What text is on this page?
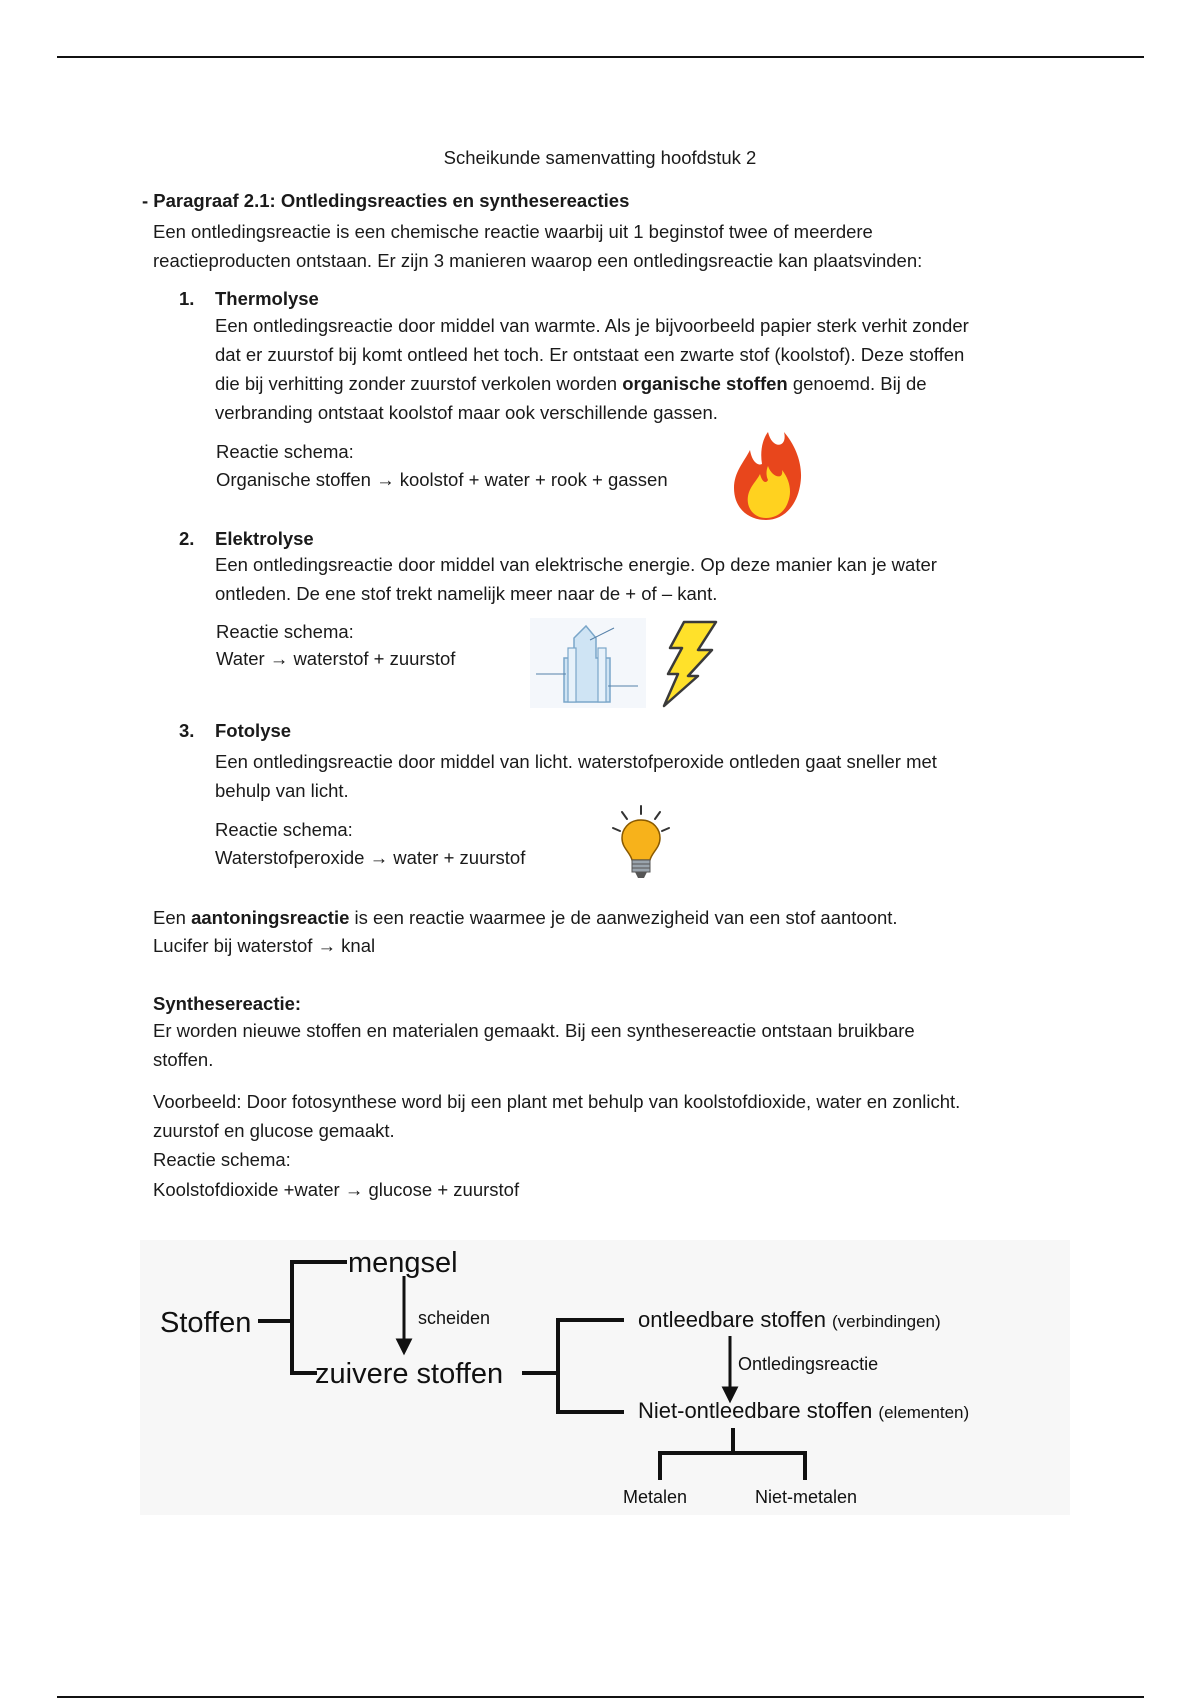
Scheikunde samenvatting hoofdstuk 2
- Paragraaf 2.1: Ontledingsreacties en synthesereacties
Een ontledingsreactie is een chemische reactie waarbij uit 1 beginstof twee of meerdere
reactieproducten ontstaan. Er zijn 3 manieren waarop een ontledingsreactie kan plaatsvinden:
1. Thermolyse
Een ontledingsreactie door middel van warmte. Als je bijvoorbeeld papier sterk verhit zonder
dat er zuurstof bij komt ontleed het toch. Er ontstaat een zwarte stof (koolstof). Deze stoffen
die bij verhitting zonder zuurstof verkolen worden organische stoffen genoemd. Bij de
verbranding ontstaat koolstof maar ook verschillende gassen.
Reactie schema:
Organische stoffen → koolstof + water + rook + gassen
2. Elektrolyse
Een ontledingsreactie door middel van elektrische energie. Op deze manier kan je water
ontleden. De ene stof trekt namelijk meer naar de + of – kant.
Reactie schema:
Water → waterstof + zuurstof
3. Fotolyse
Een ontledingsreactie door middel van licht. waterstofperoxide ontleden gaat sneller met
behulp van licht.
Reactie schema:
Waterstofperoxide → water + zuurstof
Een aantoningsreactie is een reactie waarmee je de aanwezigheid van een stof aantoont.
Lucifer bij waterstof → knal
Synthesereactie:
Er worden nieuwe stoffen en materialen gemaakt. Bij een synthesereactie ontstaan bruikbare
stoffen.
Voorbeeld: Door fotosynthese word bij een plant met behulp van koolstofdioxide, water en zonlicht.
zuurstof en glucose gemaakt.
Reactie schema:
Koolstofdioxide +water → glucose + zuurstof
Stoffen
mengsel
scheiden
zuivere stoffen
ontleedbare stoffen (verbindingen)
Ontledingsreactie
Niet-ontleedbare stoffen (elementen)
Metalen	Niet-metalen
